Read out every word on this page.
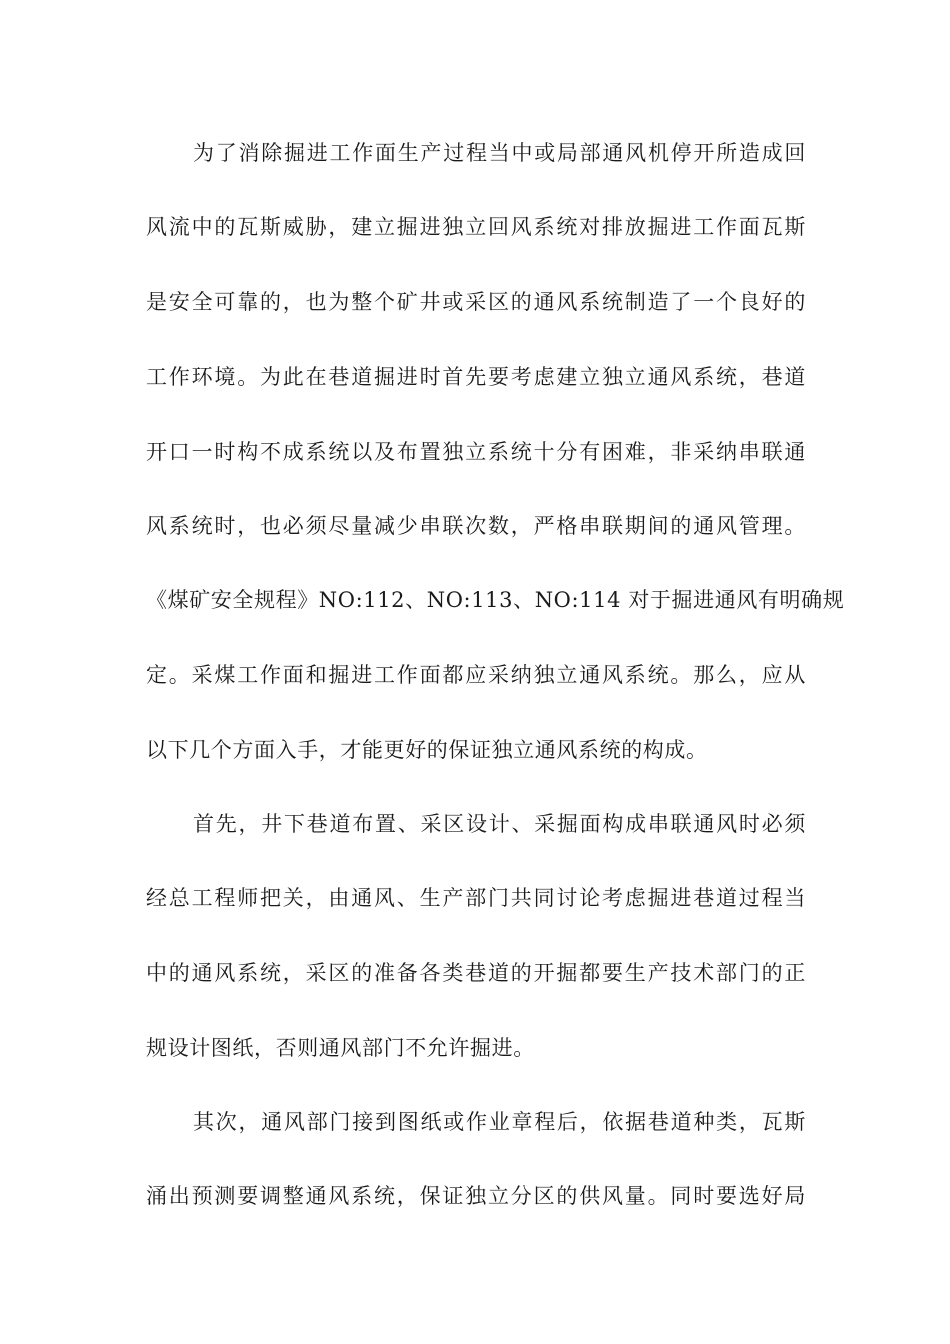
为了消除掘进工作面生产过程当中或局部通风机停开所造成回
风流中的瓦斯威胁，建立掘进独立回风系统对排放掘进工作面瓦斯
是安全可靠的，也为整个矿井或采区的通风系统制造了一个良好的
工作环境。为此在巷道掘进时首先要考虑建立独立通风系统，巷道
开口一时构不成系统以及布置独立系统十分有困难，非采纳串联通
风系统时，也必须尽量减少串联次数，严格串联期间的通风管理。
《煤矿安全规程》NO:112、NO:113、NO:114 对于掘进通风有明确规
定。采煤工作面和掘进工作面都应采纳独立通风系统。那么，应从
以下几个方面入手，才能更好的保证独立通风系统的构成。
首先，井下巷道布置、采区设计、采掘面构成串联通风时必须
经总工程师把关，由通风、生产部门共同讨论考虑掘进巷道过程当
中的通风系统，采区的准备各类巷道的开掘都要生产技术部门的正
规设计图纸，否则通风部门不允许掘进。
其次，通风部门接到图纸或作业章程后，依据巷道种类，瓦斯
涌出预测要调整通风系统，保证独立分区的供风量。同时要选好局
